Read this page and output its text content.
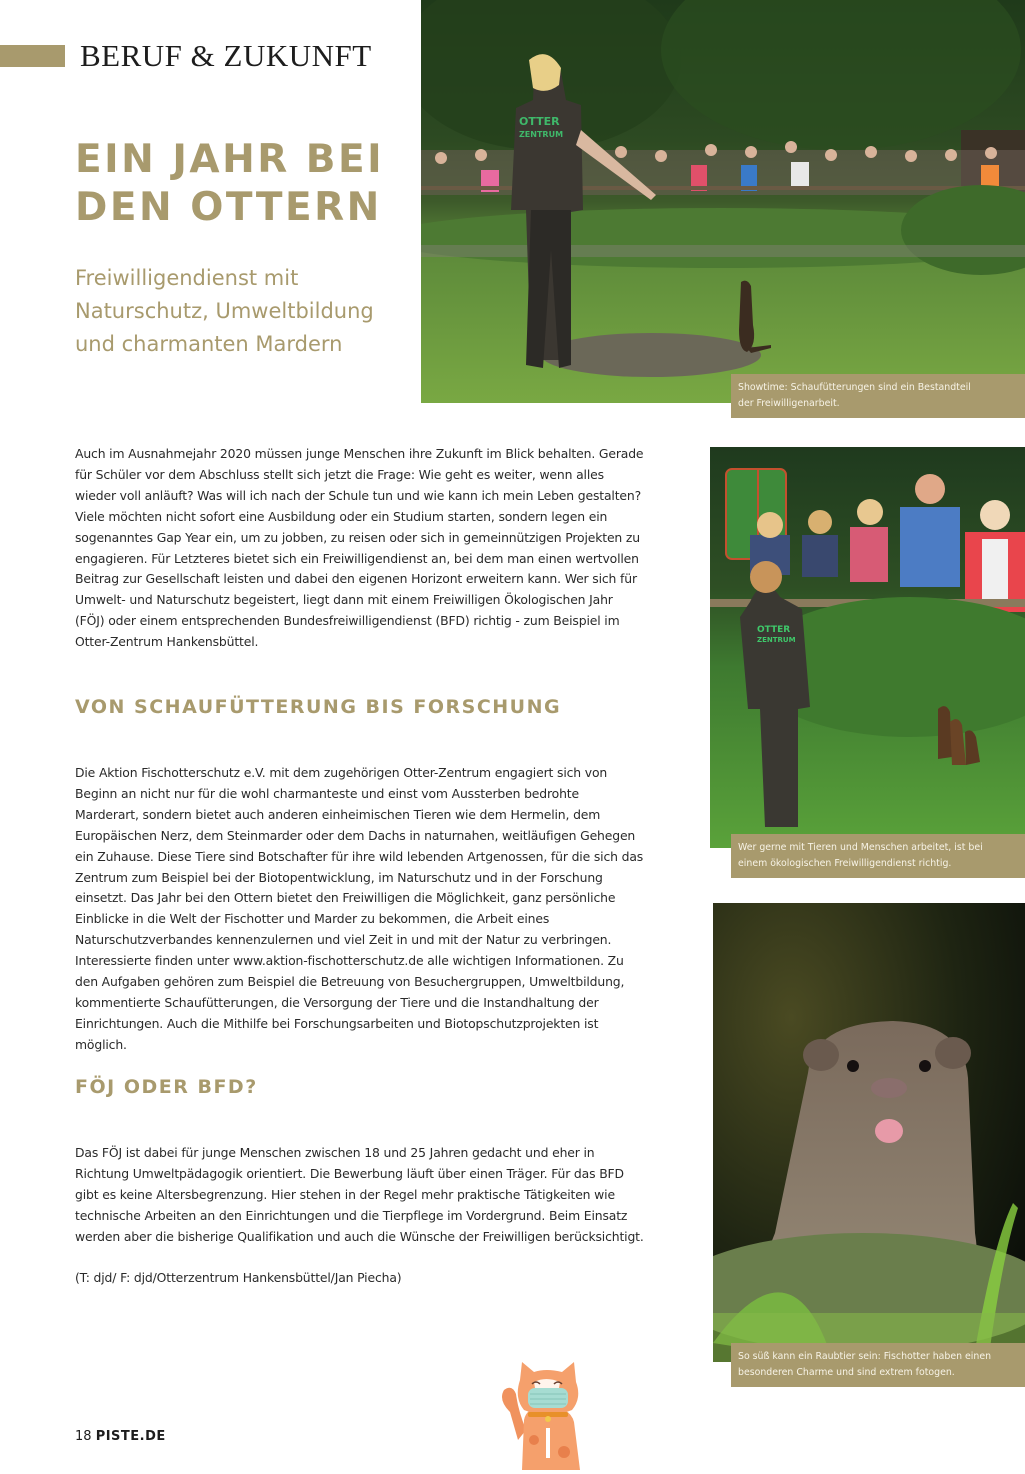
BERUF & ZUKUNFT
EIN JAHR BEI
DEN OTTERN
Freiwilligendienst mit
Naturschutz, Umweltbildung
und charmanten Mardern
OTTER
ZENTRUM
Showtime: Schaufütterungen sind ein Bestandteil
der Freiwilligenarbeit.

Auch im Ausnahmejahr 2020 müssen junge Menschen ihre Zukunft im Blick behalten. Gerade für Schüler vor dem Abschluss stellt sich jetzt die Frage: Wie geht es weiter, wenn alles wieder voll anläuft? Was will ich nach der Schule tun und wie kann ich mein Leben gestalten? Viele möchten nicht sofort eine Ausbildung oder ein Studium starten, sondern legen ein sogenanntes Gap Year ein, um zu jobben, zu reisen oder sich in gemeinnützigen Projekten zu engagieren. Für Letzteres bietet sich ein Freiwilligendienst an, bei dem man einen wertvollen Beitrag zur Gesellschaft leisten und dabei den eigenen Horizont erweitern kann. Wer sich für Umwelt- und Naturschutz begeistert, liegt dann mit einem Freiwilligen Ökologischen Jahr (FÖJ) oder einem entsprechenden Bundesfreiwilligendienst (BFD) richtig - zum Beispiel im Otter-Zentrum Hankensbüttel.

VON SCHAUFÜTTERUNG BIS FORSCHUNG

Die Aktion Fischotterschutz e.V. mit dem zugehörigen Otter-Zentrum engagiert sich von Beginn an nicht nur für die wohl charmanteste und einst vom Aussterben bedrohte Marderart, sondern bietet auch anderen einheimischen Tieren wie dem Hermelin, dem Europäischen Nerz, dem Steinmarder oder dem Dachs in naturnahen, weitläufigen Gehegen ein Zuhause. Diese Tiere sind Botschafter für ihre wild lebenden Artgenossen, für die sich das Zentrum zum Beispiel bei der Biotopentwicklung, im Naturschutz und in der Forschung einsetzt. Das Jahr bei den Ottern bietet den Freiwilligen die Möglichkeit, ganz persönliche Einblicke in die Welt der Fischotter und Marder zu bekommen, die Arbeit eines Naturschutzverbandes kennenzulernen und viel Zeit in und mit der Natur zu verbringen. Interessierte finden unter www.aktion-fischotterschutz.de alle wichtigen Informationen. Zu den Aufgaben gehören zum Beispiel die Betreuung von Besuchergruppen, Umweltbildung, kommentierte Schaufütterungen, die Versorgung der Tiere und die Instandhaltung der Einrichtungen. Auch die Mithilfe bei Forschungsarbeiten und Biotopschutzprojekten ist möglich.

FÖJ ODER BFD?

Das FÖJ ist dabei für junge Menschen zwischen 18 und 25 Jahren gedacht und eher in Richtung Umweltpädagogik orientiert. Die Bewerbung läuft über einen Träger. Für das BFD gibt es keine Altersbegrenzung. Hier stehen in der Regel mehr praktische Tätigkeiten wie technische Arbeiten an den Einrichtungen und die Tierpflege im Vordergrund. Beim Einsatz werden aber die bisherige Qualifikation und auch die Wünsche der Freiwilligen berücksichtigt.

(T: djd/ F: djd/Otterzentrum Hankensbüttel/Jan Piecha)

OTTER
ZENTRUM
Wer gerne mit Tieren und Menschen arbeitet, ist bei
einem ökologischen Freiwilligendienst richtig.
So süß kann ein Raubtier sein: Fischotter haben einen
besonderen Charme und sind extrem fotogen.
18 PISTE.DE
